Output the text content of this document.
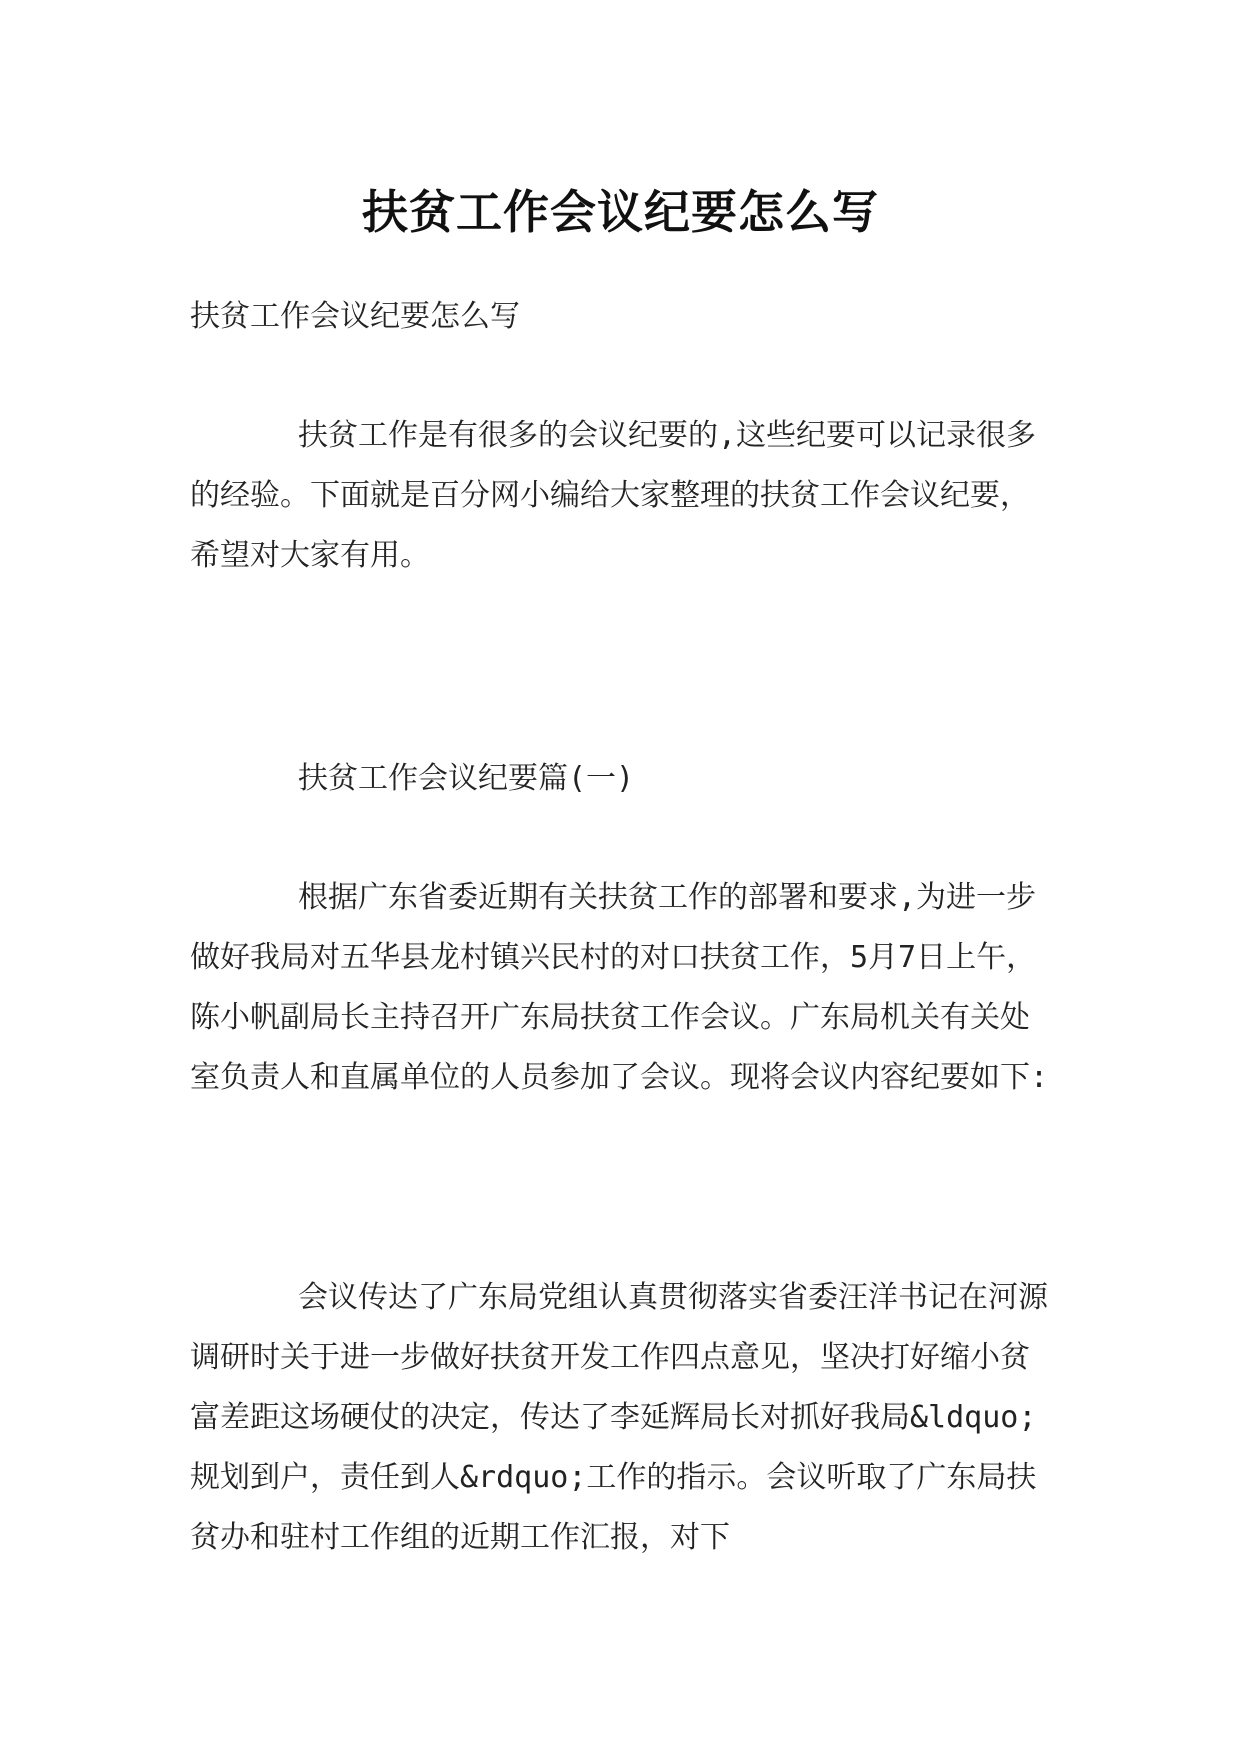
扶贫工作会议纪要怎么写

扶贫工作会议纪要怎么写

扶贫工作是有很多的会议纪要的,这些纪要可以记录很多的经验。下面就是百分网小编给大家整理的扶贫工作会议纪要，希望对大家有用。

扶贫工作会议纪要篇(一)

根据广东省委近期有关扶贫工作的部署和要求,为进一步做好我局对五华县龙村镇兴民村的对口扶贫工作，5月7日上午，陈小帆副局长主持召开广东局扶贫工作会议。广东局机关有关处室负责人和直属单位的人员参加了会议。现将会议内容纪要如下:

会议传达了广东局党组认真贯彻落实省委汪洋书记在河源调研时关于进一步做好扶贫开发工作四点意见，坚决打好缩小贫富差距这场硬仗的决定，传达了李延辉局长对抓好我局&ldquo;规划到户，责任到人&rdquo;工作的指示。会议听取了广东局扶贫办和驻村工作组的近期工作汇报，对下
